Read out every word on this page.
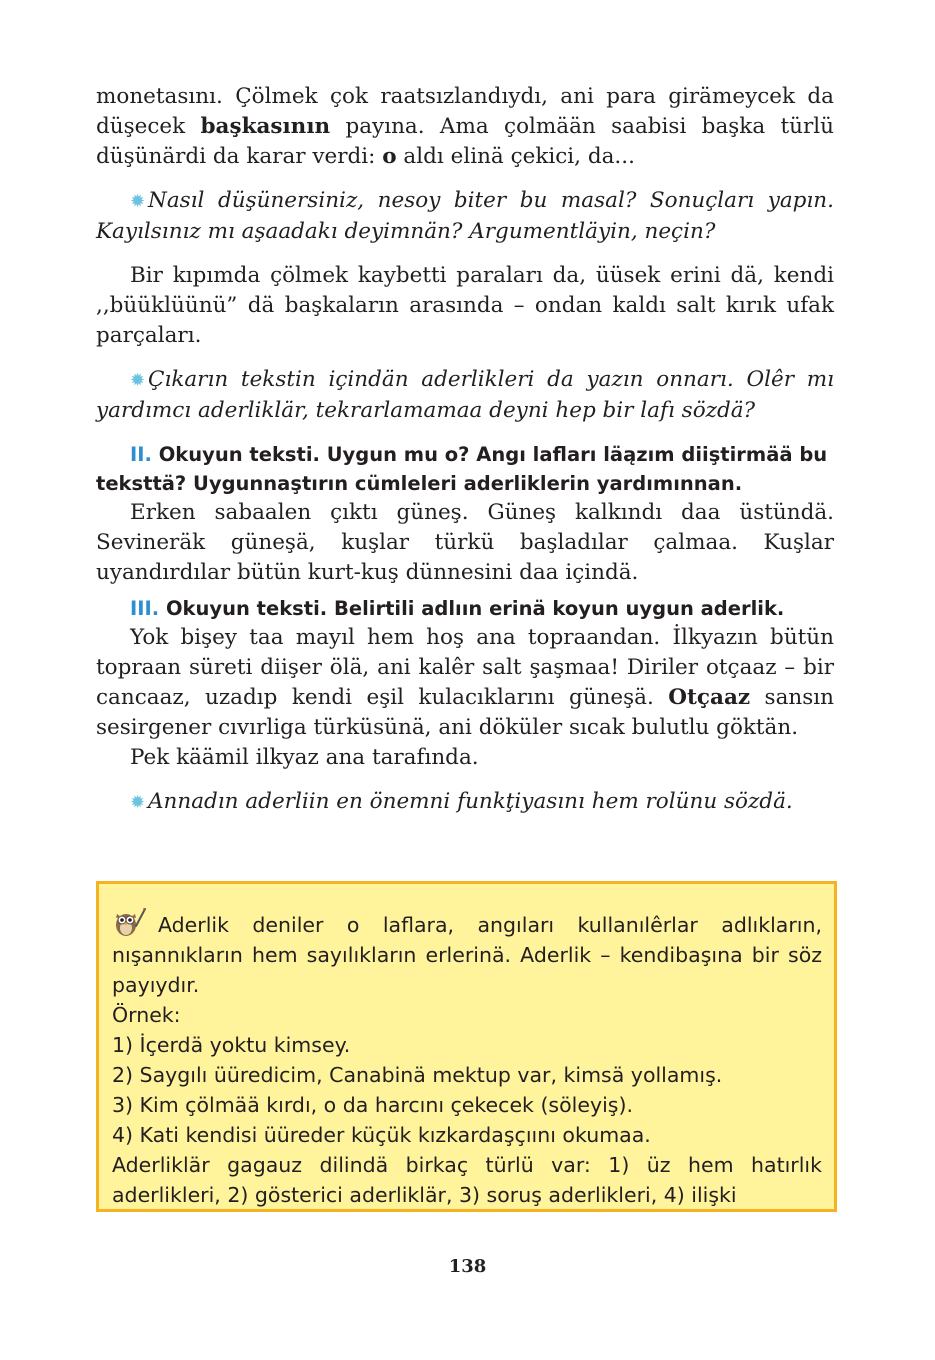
monetasını. Çölmek çok raatsızlandıydı, ani para girämeycek da düşecek başkasının payına. Ama çolmään saabisi başka türlü düşünärdi da karar verdi: o aldı elinä çekici, da...

✹ Nasıl düşünersiniz, nesoy biter bu masal? Sonuçları yapın. Kayılsınız mı aşaadakı deyimnän? Argumentläyin, neçin?

Bir kıpımda çölmek kaybetti paraları da, üüsek erini dä, kendi ,,büüklüünü” dä başkaların arasında – ondan kaldı salt kırık ufak parçaları.

✹ Çıkarın tekstin içindän aderlikleri da yazın onnarı. Olêr mı yardımcı aderliklär, tekrarlamamaa deyni hep bir lafı sözdä?

II. Okuyun teksti. Uygun mu o? Angı lafları läązım diiştirmää bu teksttä? Uygunnaştırın cümleleri aderliklerin yardımınnan.

Erken sabaalen çıktı güneş. Güneş kalkındı daa üstündä. Sevineräk güneşä, kuşlar türkü başladılar çalmaa. Kuşlar uyandırdılar bütün kurt-kuş dünnesini daa içindä.

III. Okuyun teksti. Belirtili adlıın erinä koyun uygun aderlik.

Yok bişey taa mayıl hem hoş ana topraandan. İlkyazın bütün topraan süreti diişer ölä, ani kalêr salt şaşmaa! Diriler otçaaz – bir cancaaz, uzadıp kendi eşil kulacıklarını güneşä. Otçaaz sansın sesirgener cıvırliga türküsünä, ani döküler sıcak bulutlu göktän.

Pek käämil ilkyaz ana tarafında.

✹ Annadın aderliin en önemni funkţiyasını hem rolünu sözdä.

Aderlik deniler o laflara, angıları kullanılêrlar adlıkların, nışannıkların hem sayılıkların erlerinä. Aderlik – kendibaşına bir söz payıydır.

Örnek:

1) İçerdä yoktu kimsey.

2) Saygılı üüredicim, Canabinä mektup var, kimsä yollamış.

3) Kim çölmää kırdı, o da harcını çekecek (söleyiş).

4) Kati kendisi üüreder küçük kızkardaşçıını okumaa.

Aderliklär gagauz dilindä birkaç türlü var: 1) üz hem hatırlık aderlikleri, 2) gösterici aderliklär, 3) soruş aderlikleri, 4) ilişki

138
